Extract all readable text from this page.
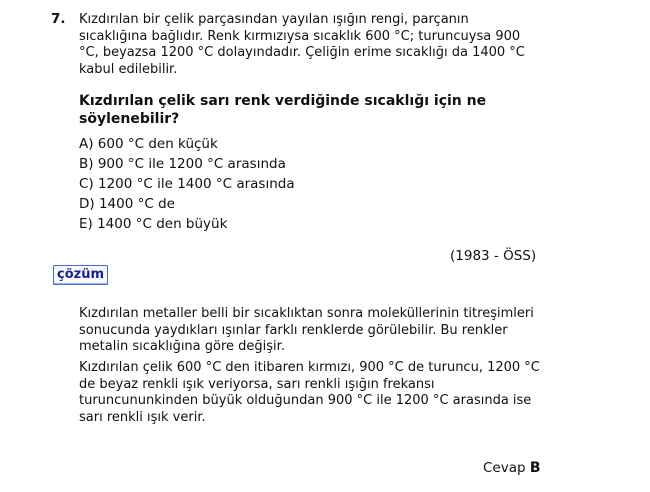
7. Kızdırılan bir çelik parçasından yayılan ışığın rengi, parçanın sıcaklığına bağlıdır. Renk kırmızıysa sıcaklık 600 °C; turuncuysa 900 °C, beyazsa 1200 °C dolayındadır. Çeliğin erime sıcaklığı da 1400 °C kabul edilebilir.

Kızdırılan çelik sarı renk verdiğinde sıcaklığı için ne söylenebilir?

A) 600 °C den küçük
B) 900 °C ile 1200 °C arasında
C) 1200 °C ile 1400 °C arasında
D) 1400 °C de
E) 1400 °C den büyük
(1983 - ÖSS)
çözüm

Kızdırılan metaller belli bir sıcaklıktan sonra moleküllerinin titreşimleri sonucunda yaydıkları ışınlar farklı renklerde görülebilir. Bu renkler metalin sıcaklığına göre değişir.

Kızdırılan çelik 600 °C den itibaren kırmızı, 900 °C de turuncu, 1200 °C de beyaz renkli ışık veriyorsa, sarı renkli ışığın frekansı turuncununkinden büyük olduğundan 900 °C ile 1200 °C arasında ise sarı renkli ışık verir.

Cevap B
